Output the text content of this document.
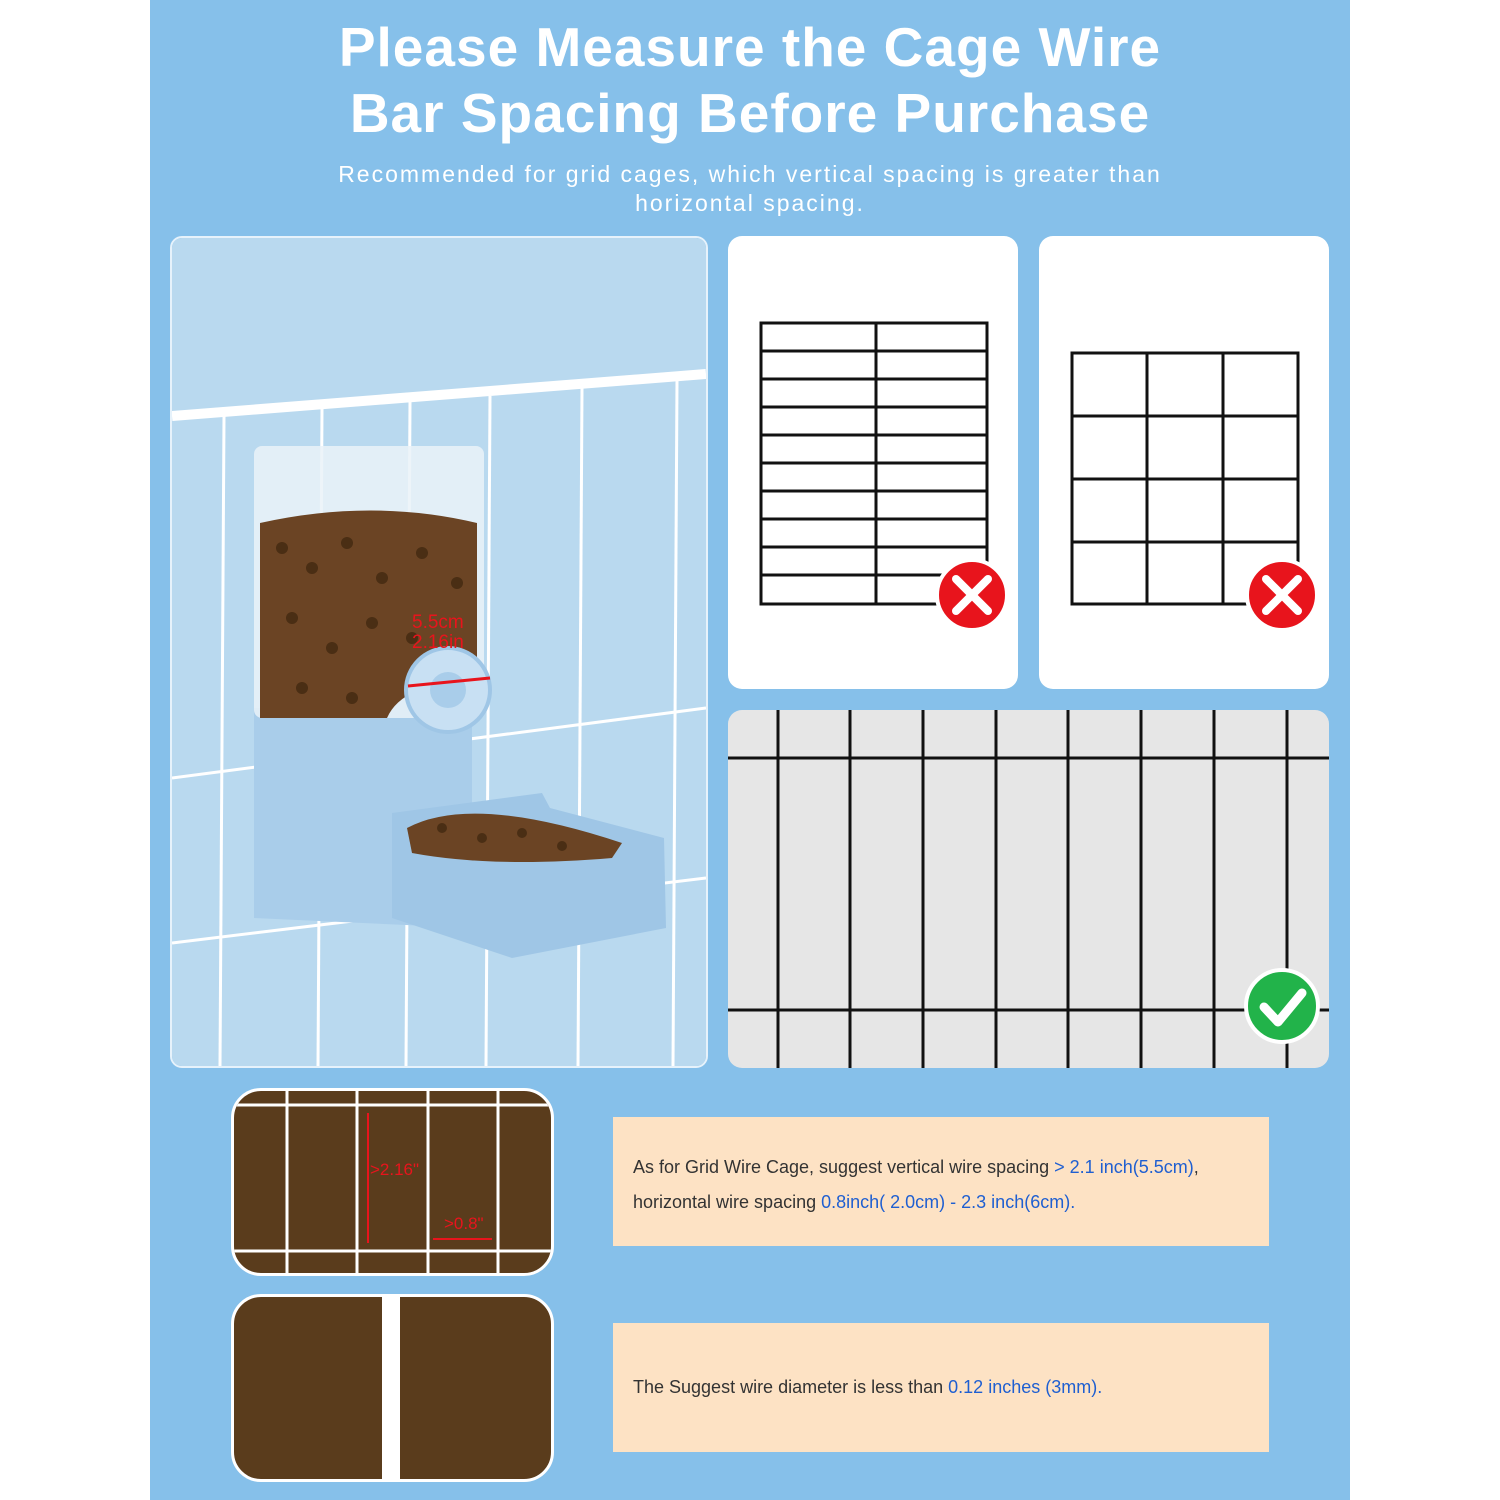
Please Measure the Cage Wire
Bar Spacing Before Purchase
Recommended for grid cages, which vertical spacing is greater than horizontal spacing.
5.5cm
2.16in
>2.16"
>0.8"

As for Grid Wire Cage, suggest vertical wire spacing > 2.1 inch(5.5cm),

horizontal wire spacing 0.8inch( 2.0cm) - 2.3 inch(6cm).

The Suggest wire diameter is less than 0.12 inches (3mm).
